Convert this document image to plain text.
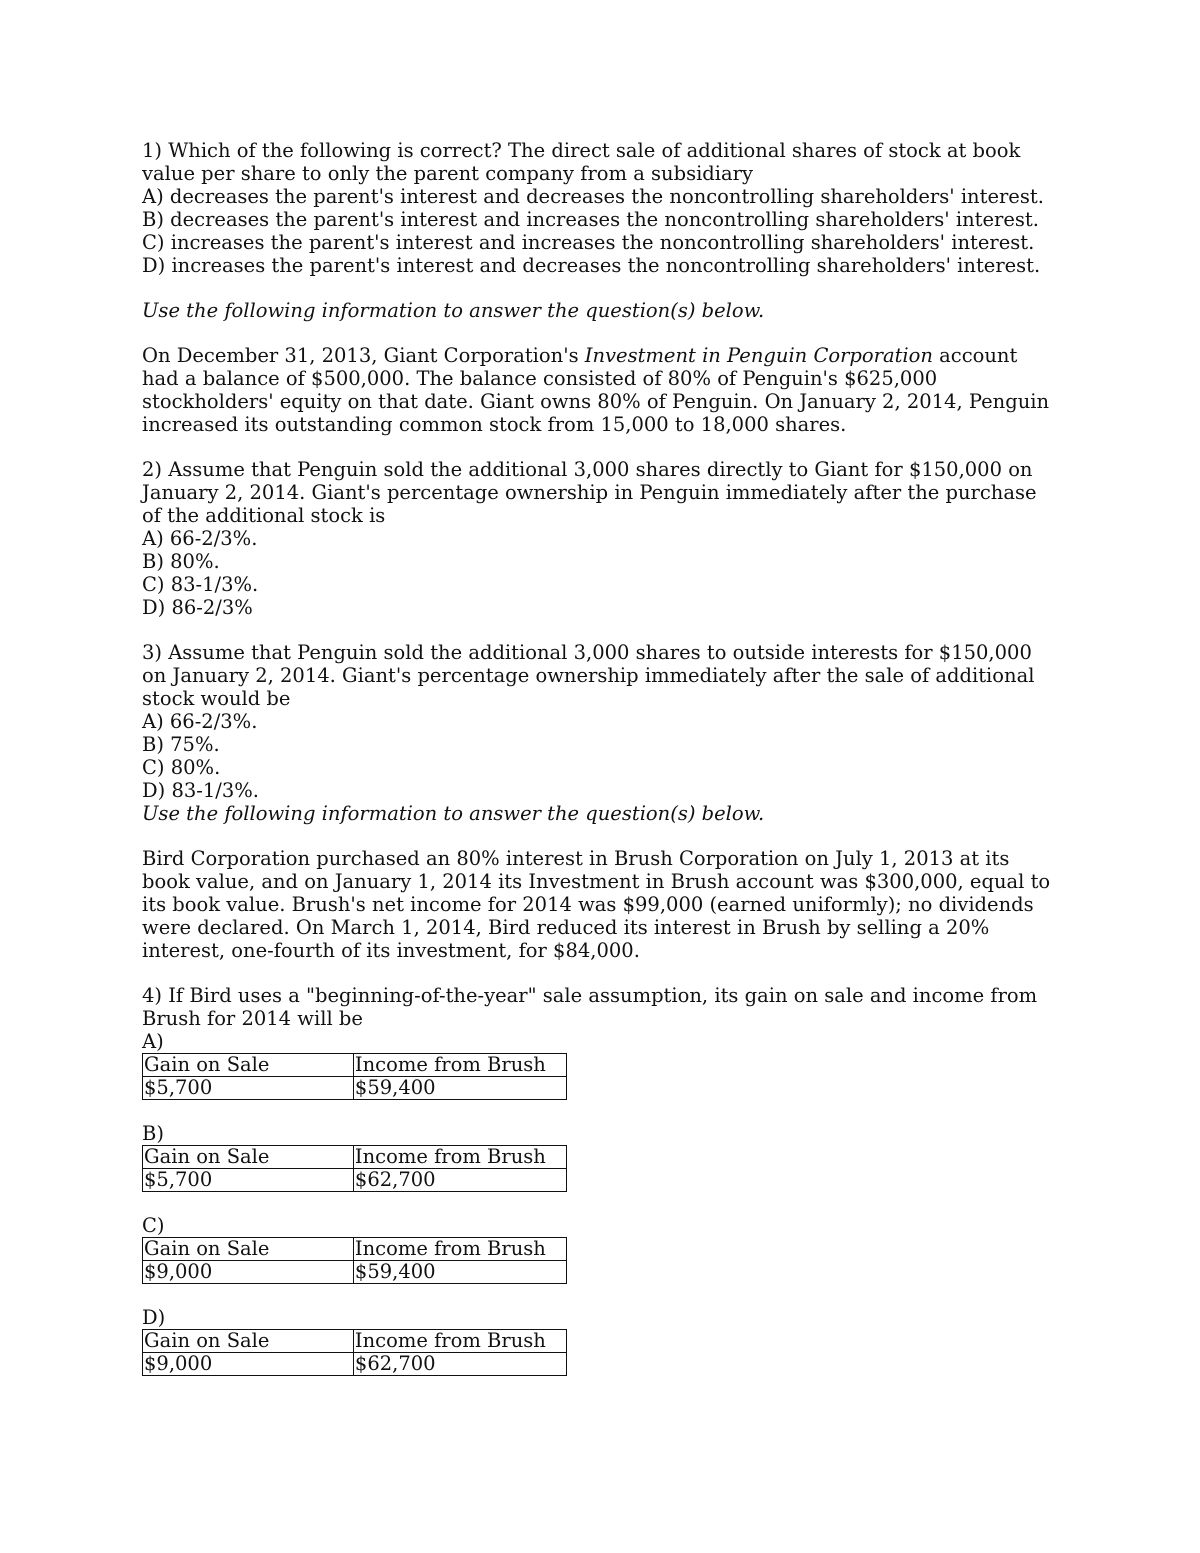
1) Which of the following is correct? The direct sale of additional shares of stock at book
value per share to only the parent company from a subsidiary
A) decreases the parent's interest and decreases the noncontrolling shareholders' interest.
B) decreases the parent's interest and increases the noncontrolling shareholders' interest.
C) increases the parent's interest and increases the noncontrolling shareholders' interest.
D) increases the parent's interest and decreases the noncontrolling shareholders' interest.
Use the following information to answer the question(s) below.
On December 31, 2013, Giant Corporation's Investment in Penguin Corporation account
had a balance of $500,000. The balance consisted of 80% of Penguin's $625,000
stockholders' equity on that date. Giant owns 80% of Penguin. On January 2, 2014, Penguin
increased its outstanding common stock from 15,000 to 18,000 shares.
2) Assume that Penguin sold the additional 3,000 shares directly to Giant for $150,000 on
January 2, 2014. Giant's percentage ownership in Penguin immediately after the purchase
of the additional stock is
A) 66-2/3%.
B) 80%.
C) 83-1/3%.
D) 86-2/3%
3) Assume that Penguin sold the additional 3,000 shares to outside interests for $150,000
on January 2, 2014. Giant's percentage ownership immediately after the sale of additional
stock would be
A) 66-2/3%.
B) 75%.
C) 80%.
D) 83-1/3%.
Use the following information to answer the question(s) below.
Bird Corporation purchased an 80% interest in Brush Corporation on July 1, 2013 at its
book value, and on January 1, 2014 its Investment in Brush account was $300,000, equal to
its book value. Brush's net income for 2014 was $99,000 (earned uniformly); no dividends
were declared. On March 1, 2014, Bird reduced its interest in Brush by selling a 20%
interest, one-fourth of its investment, for $84,000.
4) If Bird uses a "beginning-of-the-year" sale assumption, its gain on sale and income from
Brush for 2014 will be
A)
Gain on Sale	Income from Brush
$5,700	$59,400
B)
Gain on Sale	Income from Brush
$5,700	$62,700
C)
Gain on Sale	Income from Brush
$9,000	$59,400
D)
Gain on Sale	Income from Brush
$9,000	$62,700
